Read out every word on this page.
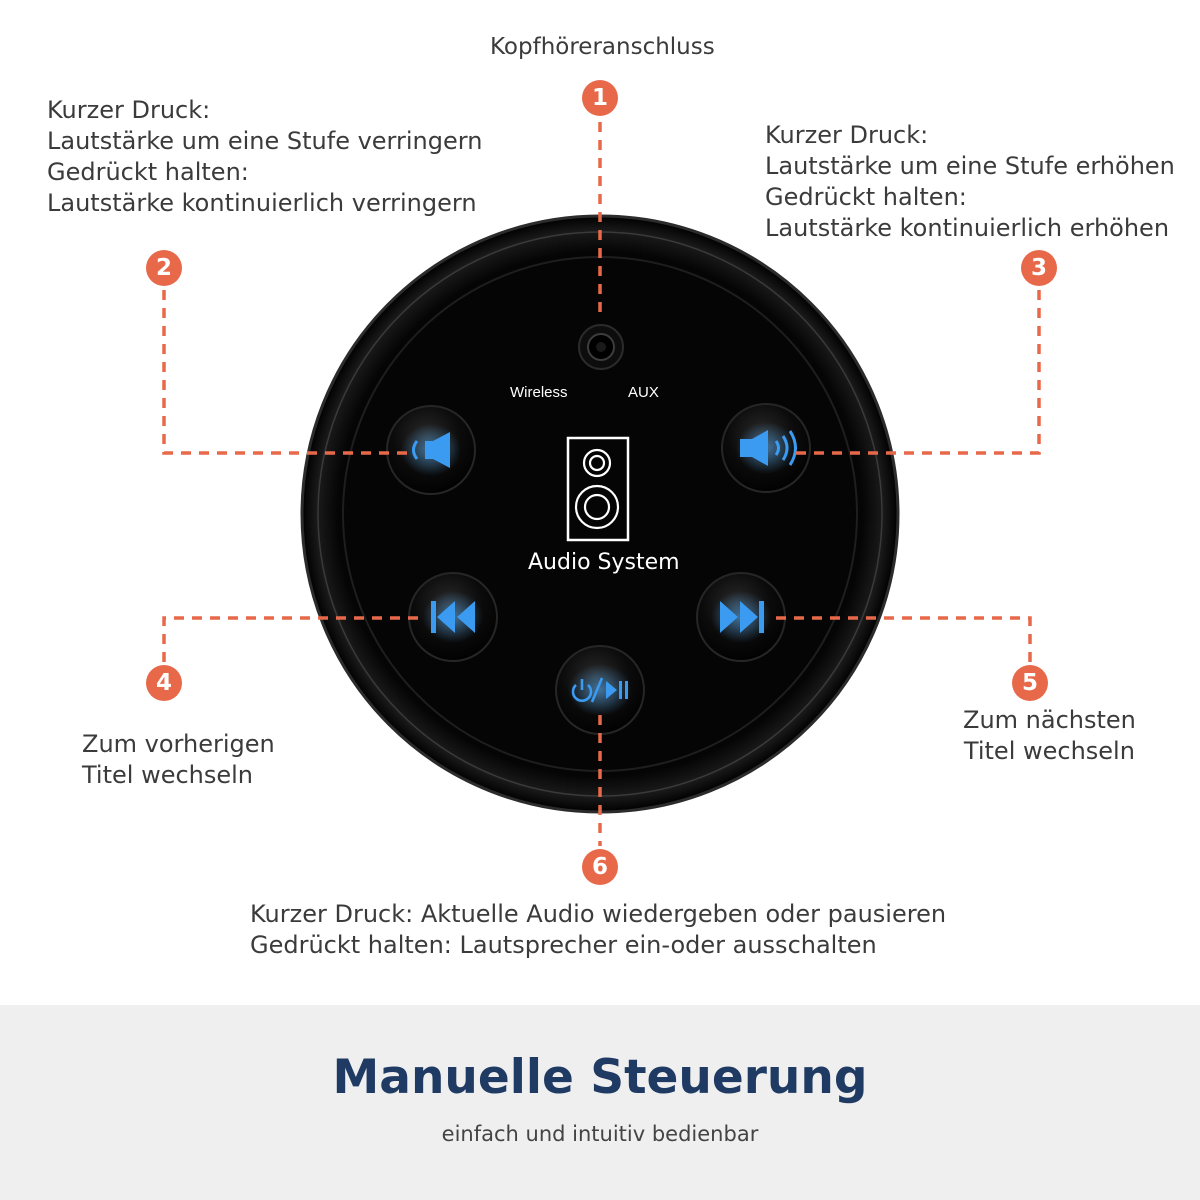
Wireless	AUX
Audio System
1
2	3
4	5
6
Kopfhöreranschluss
Kurzer Druck:
Lautstärke um eine Stufe verringern
Gedrückt halten:
Lautstärke kontinuierlich verringern
Kurzer Druck:
Lautstärke um eine Stufe erhöhen
Gedrückt halten:
Lautstärke kontinuierlich erhöhen
Zum vorherigen
Titel wechseln
Zum nächsten
Titel wechseln
Kurzer Druck: Aktuelle Audio wiedergeben oder pausieren
Gedrückt halten: Lautsprecher ein-oder ausschalten
Manuelle Steuerung
einfach und intuitiv bedienbar
